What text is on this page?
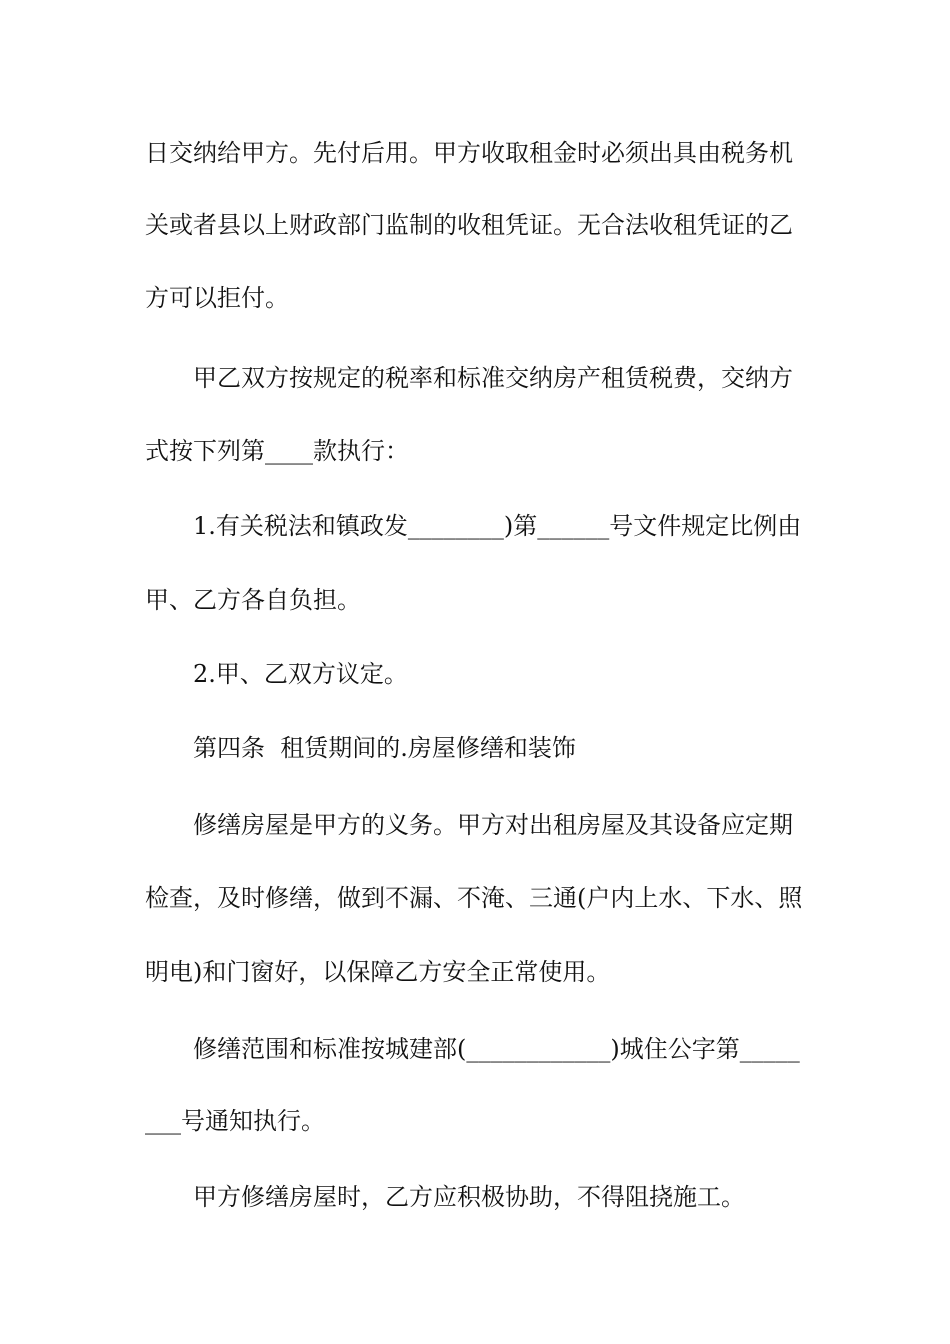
日交纳给甲方。先付后用。甲方收取租金时必须出具由税务机
关或者县以上财政部门监制的收租凭证。无合法收租凭证的乙
方可以拒付。
甲乙双方按规定的税率和标准交纳房产租赁税费，交纳方
式按下列第____款执行：
1.有关税法和镇政发________)第______号文件规定比例由
甲、乙方各自负担。
2.甲、乙双方议定。
第四条  租赁期间的.房屋修缮和装饰
修缮房屋是甲方的义务。甲方对出租房屋及其设备应定期
检查，及时修缮，做到不漏、不淹、三通(户内上水、下水、照
明电)和门窗好，以保障乙方安全正常使用。
修缮范围和标准按城建部(____________)城住公字第_____
___号通知执行。
甲方修缮房屋时，乙方应积极协助，不得阻挠施工。
